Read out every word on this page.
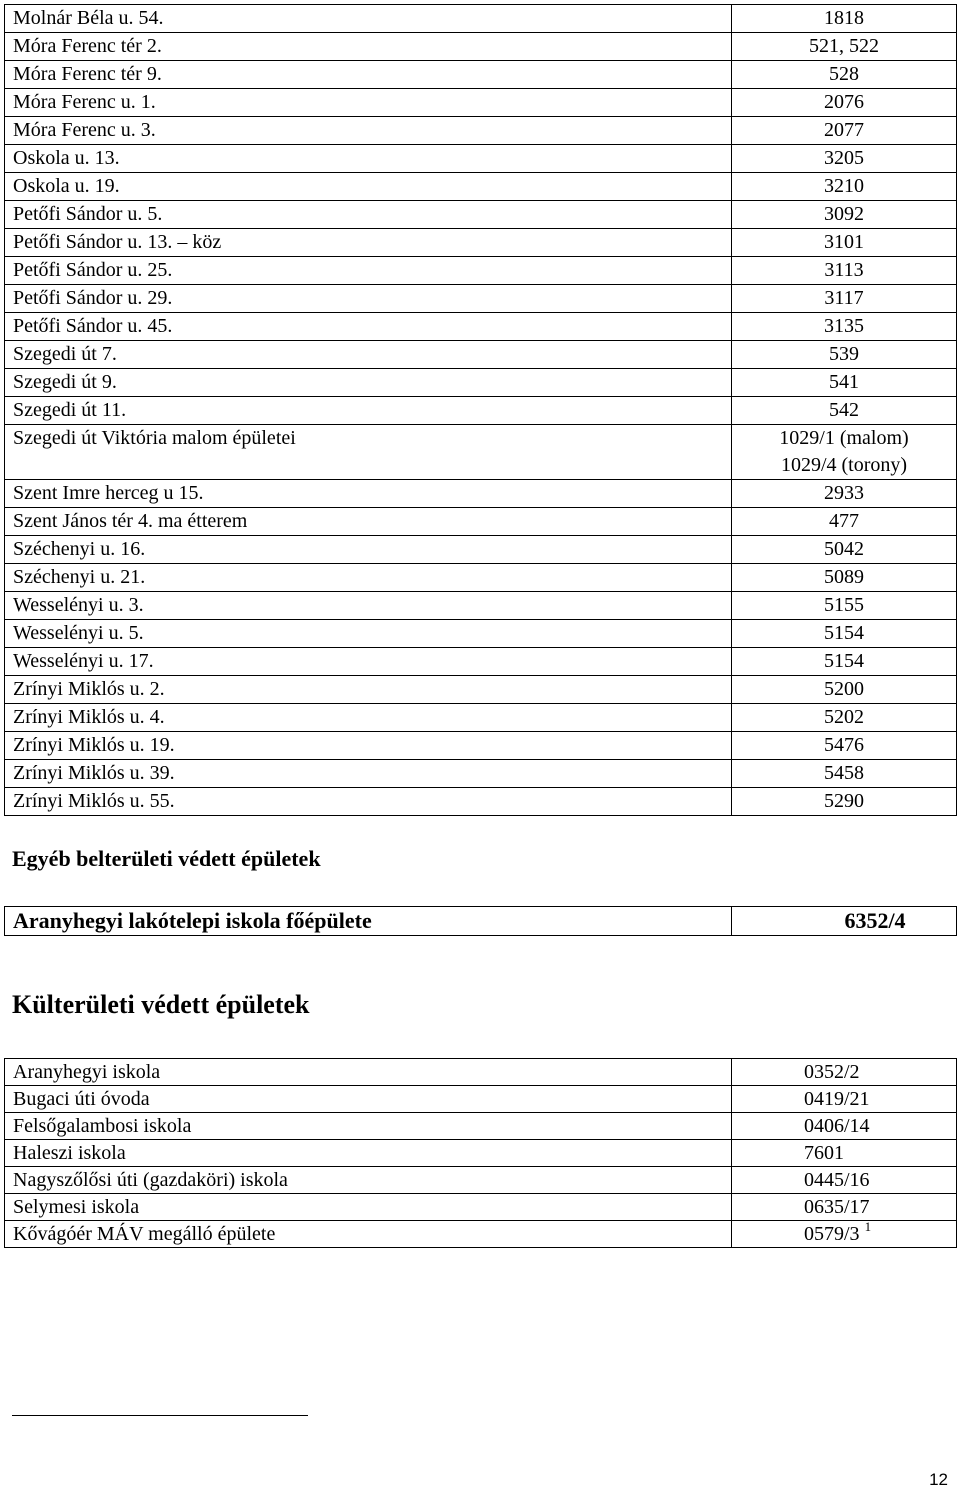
Molnár Béla u. 54.	1818
Móra Ferenc tér 2.	521, 522
Móra Ferenc tér 9.	528
Móra Ferenc u. 1.	2076
Móra Ferenc u. 3.	2077
Oskola u. 13.	3205
Oskola u. 19.	3210
Petőfi Sándor u. 5.	3092
Petőfi Sándor u. 13. – köz	3101
Petőfi Sándor u. 25.	3113
Petőfi Sándor u. 29.	3117
Petőfi Sándor u. 45.	3135
Szegedi út 7.	539
Szegedi út 9.	541
Szegedi út 11.	542
Szegedi út Viktória malom épületei	1029/1 (malom)
1029/4 (torony)

Szent Imre herceg u 15.	2933
Szent János tér 4. ma étterem	477
Széchenyi u. 16.	5042
Széchenyi u. 21.	5089
Wesselényi u. 3.	5155
Wesselényi u. 5.	5154
Wesselényi u. 17.	5154
Zrínyi Miklós u. 2.	5200
Zrínyi Miklós u. 4.	5202
Zrínyi Miklós u. 19.	5476
Zrínyi Miklós u. 39.	5458
Zrínyi Miklós u. 55.	5290
Egyéb belterületi védett épületek
Aranyhegyi lakótelepi iskola főépülete	6352/4
Külterületi védett épületek
Aranyhegyi iskola	0352/2
Bugaci úti óvoda	0419/21
Felsőgalambosi iskola	0406/14
Haleszi iskola	7601
Nagyszőlősi úti (gazdaköri) iskola	0445/16
Selymesi iskola	0635/17
Kővágóér MÁV megálló épülete	0579/3 $^1$
12
